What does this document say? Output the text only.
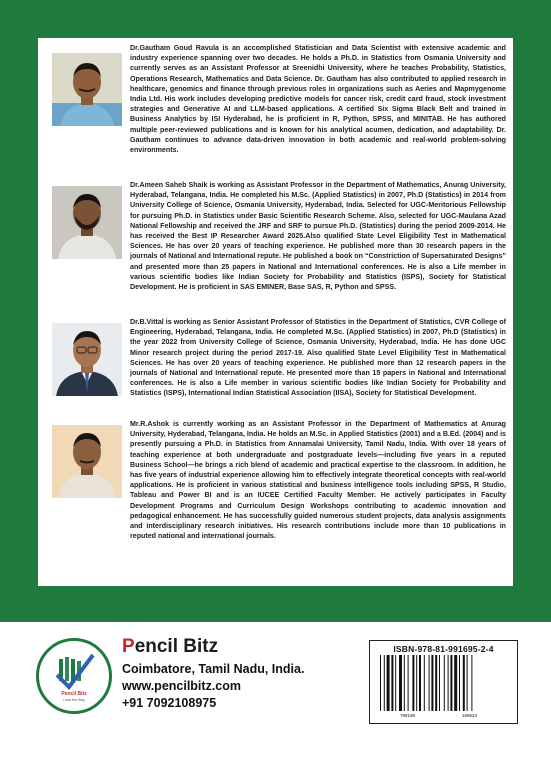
Dr.Gautham Goud Ravula is an accomplished Statistician and Data Scientist with extensive academic and industry experience spanning over two decades. He holds a Ph.D. in Statistics from Osmania University and currently serves as an Assistant Professor at Sreenidhi University, where he teaches Probability, Statistics, Operations Research, Mathematics and Data Science. Dr. Gautham has also contributed to applied research in healthcare, genomics and finance through previous roles in organizations such as Aeries and Mapmygenome India Ltd. His work includes developing predictive models for cancer risk, credit card fraud, stock investment strategies and Generative AI and LLM-based applications. A certified Six Sigma Black Belt and trained in Business Analytics by ISI Hyderabad, he is proficient in R, Python, SPSS, and MINITAB. He has authored multiple peer-reviewed publications and is known for his analytical acumen, dedication, and adaptability. Dr. Gautham continues to advance data-driven innovation in both academic and real-world problem-solving environments.

Dr.Ameen Saheb Shaik is working as Assistant Professor in the Department of Mathematics, Anurag University, Hyderabad, Telangana, India. He completed his M.Sc. (Applied Statistics) in 2007, Ph.D (Statistics) in 2014 from University College of Science, Osmania University, Hyderabad, India. Selected for UGC-Meritorious Fellowship for pursuing Ph.D. in Statistics under Basic Scientific Research Scheme. Also, selected for UGC-Maulana Azad National Fellowship and received the JRF and SRF to pursue Ph.D. (Statistics) during the period 2009-2014. He has received the Best IP Researcher Award 2025.Also qualified State Level Eligibility Test in Mathematical Sciences. He has over 20 years of teaching experience. He published more than 30 research papers in the journals of National and International repute. He published a book on “Constriction of Supersaturated Designs” and presented more than 25 papers in National and International conferences. He is also a Life member in various scientific bodies like Indian Society for Probability and Statistics (ISPS), Society for Statistical Development. He is proficient in SAS EMINER, Base SAS, R, Python and SPSS.

Dr.B.Vittal is working as Senior Assistant Professor of Statistics in the Department of Statistics, CVR College of Engineering, Hyderabad, Telangana, India. He completed M.Sc. (Applied Statistics) in 2007, Ph.D (Statistics) in the year 2022 from University College of Science, Osmania University, Hyderabad, India. He has done UGC Minor research project during the period 2017-19. Also qualified State Level Eligibility Test in Mathematical Sciences. He has over 20 years of teaching experience. He published more than 12 research papers in the journals of National and International repute. He presented more than 15 papers in National and International conferences. He is also a Life member in various scientific bodies like Indian Society for Probability and Statistics (ISPS), International Indian Statistical Association (IISA), Society for Statistical Development.

Mr.R.Ashok is currently working as an Assistant Professor in the Department of Mathematics at Anurag University, Hyderabad, Telangana, India. He holds an M.Sc. in Applied Statistics (2001) and a B.Ed. (2004) and is presently pursuing a Ph.D. in Statistics from Annamalai University, Tamil Nadu, India. With over 18 years of teaching experience at both undergraduate and postgraduate levels—including five years in a reputed Business School—he brings a rich blend of academic and practical expertise to the classroom. In addition, he has five years of industrial experience allowing him to effectively integrate theoretical concepts with real-world applications. He is proficient in various statistical and business intelligence tools including SPSS, R Studio, Tableau and Power BI and is an IUCEE Certified Faculty Member. He actively participates in Faculty Development Programs and Curriculum Design Workshops contributing to academic innovation and pedagogical enhancement. He has successfully guided numerous student projects, data analysis assignments and interdisciplinary research initiatives. His research contributions include more than 10 publications in reputed national and international journals.

Pencil Bitz
Lead the Way

Pencil Bitz

Coimbatore, Tamil Nadu, India.

www.pencilbitz.com

+91 7092108975

ISBN-978-81-991695-2-4
788199	169524
